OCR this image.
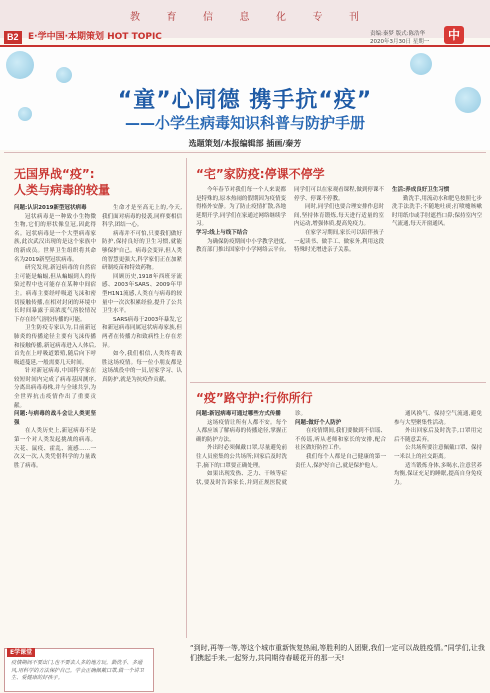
教	育	信	息	化	专	刊
B2	E·学中国·本期策划 HOT TOPIC	责编:秦梦 版式:陈浩华
2020年3月30日 星期一	中
“童”心同德 携手抗“疫”
——小学生病毒知识科普与防护手册
选题策划/本报编辑部 插画/秦芳
无国界战“疫”:
人类与病毒的较量

问题:认识2019新型冠状病毒

冠状病毒是一种致小生物微生物,它们的形状像皇冠,因此得名。冠状病毒是一个大型病毒家族,此次武汉出现的是这个家族中的新成员。世界卫生组织将其命名为2019新型冠状病毒。

研究发现,新冠病毒的自然宿主可能是蝙蝠,但从蝙蝠到人的传染过程中也可能存在某种中间宿主。病毒主要经呼吸道飞沫和密切接触传播,在相对封闭的环境中长时间暴露于高浓度气溶胶情况下存在经气溶胶传播的可能。

卫生防疫专家认为,目前新冠肺炎的传播途径主要有飞沫传播和接触传播,新冠病毒进入人体后,首先在上呼吸道繁殖,随后向下呼吸道蔓延,一般需要几天时间。

针对新冠病毒,中国科学家在较短时间内完成了病毒基因测序,分离出病毒毒株,并与全球共享,为全世界抗击疫情作出了重要贡献。

问题:与病毒的战斗会让人类更坚强

在人类历史上,新冠病毒不是第一个对人类发起挑战的病毒。天花、鼠疫、霍乱、流感……一次又一次,人类凭借科学的力量战胜了病毒。

生命才是至高无上的,今天,我们面对病毒的侵袭,同样要相信科学,团结一心。

病毒并不可怕,只要我们做好防护,保持良好的卫生习惯,就能够保护自己。病毒会变异,但人类的智慧更强大,科学家们正在加紧研制疫苗和特效药物。

回顾历史,1918年西班牙流感、2003年SARS、2009年甲型H1N1流感,人类在与病毒的较量中一次次积累经验,提升了公共卫生水平。

SARS病毒于2003年暴发,它和新冠病毒同属冠状病毒家族,但两者在传播力和致病性上存在差异。

如今,我们相信,人类终将战胜这场疫情。每一位小朋友都是这场战役中的一员,居家学习、认真防护,就是为抗疫作贡献。

“宅”家防疫:停课不停学

今年春节对我们每一个人来说都是特殊的,原本热闹的假期因为疫情变得格外安静。为了防止疫情扩散,各地延期开学,同学们在家通过网络继续学习。

学习:线上与线下结合

为确保防疫期间中小学教学进度,教育部门推出国家中小学网络云平台,同学们可以在家观看课程,做到停课不停学、停课不停教。

同时,同学们也要合理安排作息时间,坚持体育锻炼,每天进行适量的室内运动,增强体质,提高免疫力。

在家学习期间,家长可以陪伴孩子一起读书、做手工、做家务,利用这段特殊时光增进亲子关系。

生活:养成良好卫生习惯

勤洗手,用流动水和肥皂按照七步洗手法洗手;不随地吐痰;打喷嚏咳嗽时用纸巾或手肘遮挡口鼻;保持室内空气流通,每天开窗通风。

“疫”路守护:行你所行

问题:新冠病毒可通过哪些方式传播

这场疫情让所有人都不安。每个人都应该了解病毒的传播途径,掌握正确的防护方法。

外出时必须佩戴口罩,尽量避免前往人员密集的公共场所;回家后及时洗手,摘下的口罩要正确处理。

如果出现发热、乏力、干咳等症状,要及时告诉家长,并到正规医院就诊。

问题:做好个人防护

在疫情期间,我们要做到不信谣、不传谣,听从老师和家长的安排,配合社区做好防控工作。

我们每个人都是自己健康的第一责任人,保护好自己,就是保护他人。

通风换气、保持空气流通,避免参与大型聚集性活动。

外出回家后及时洗手,口罩用完后不随意丢弃。

公共场所要注意佩戴口罩、保持一米以上的社交距离。

适当锻炼身体,多喝水,注意营养均衡,保证充足的睡眠,提高自身免疫力。

E学课堂
疫情期间不要出门,也不要去人多的地方玩。勤洗手、多通风,用科学的方法保护自己。学会正确佩戴口罩,做一个讲卫生、爱健康的好孩子。
“到时,再等一等,等这个城市重新恢复热闹,等胜利的人团聚,我们一定可以战胜疫情。”同学们,让我们携起手来,一起努力,共同期待春暖花开的那一天!
